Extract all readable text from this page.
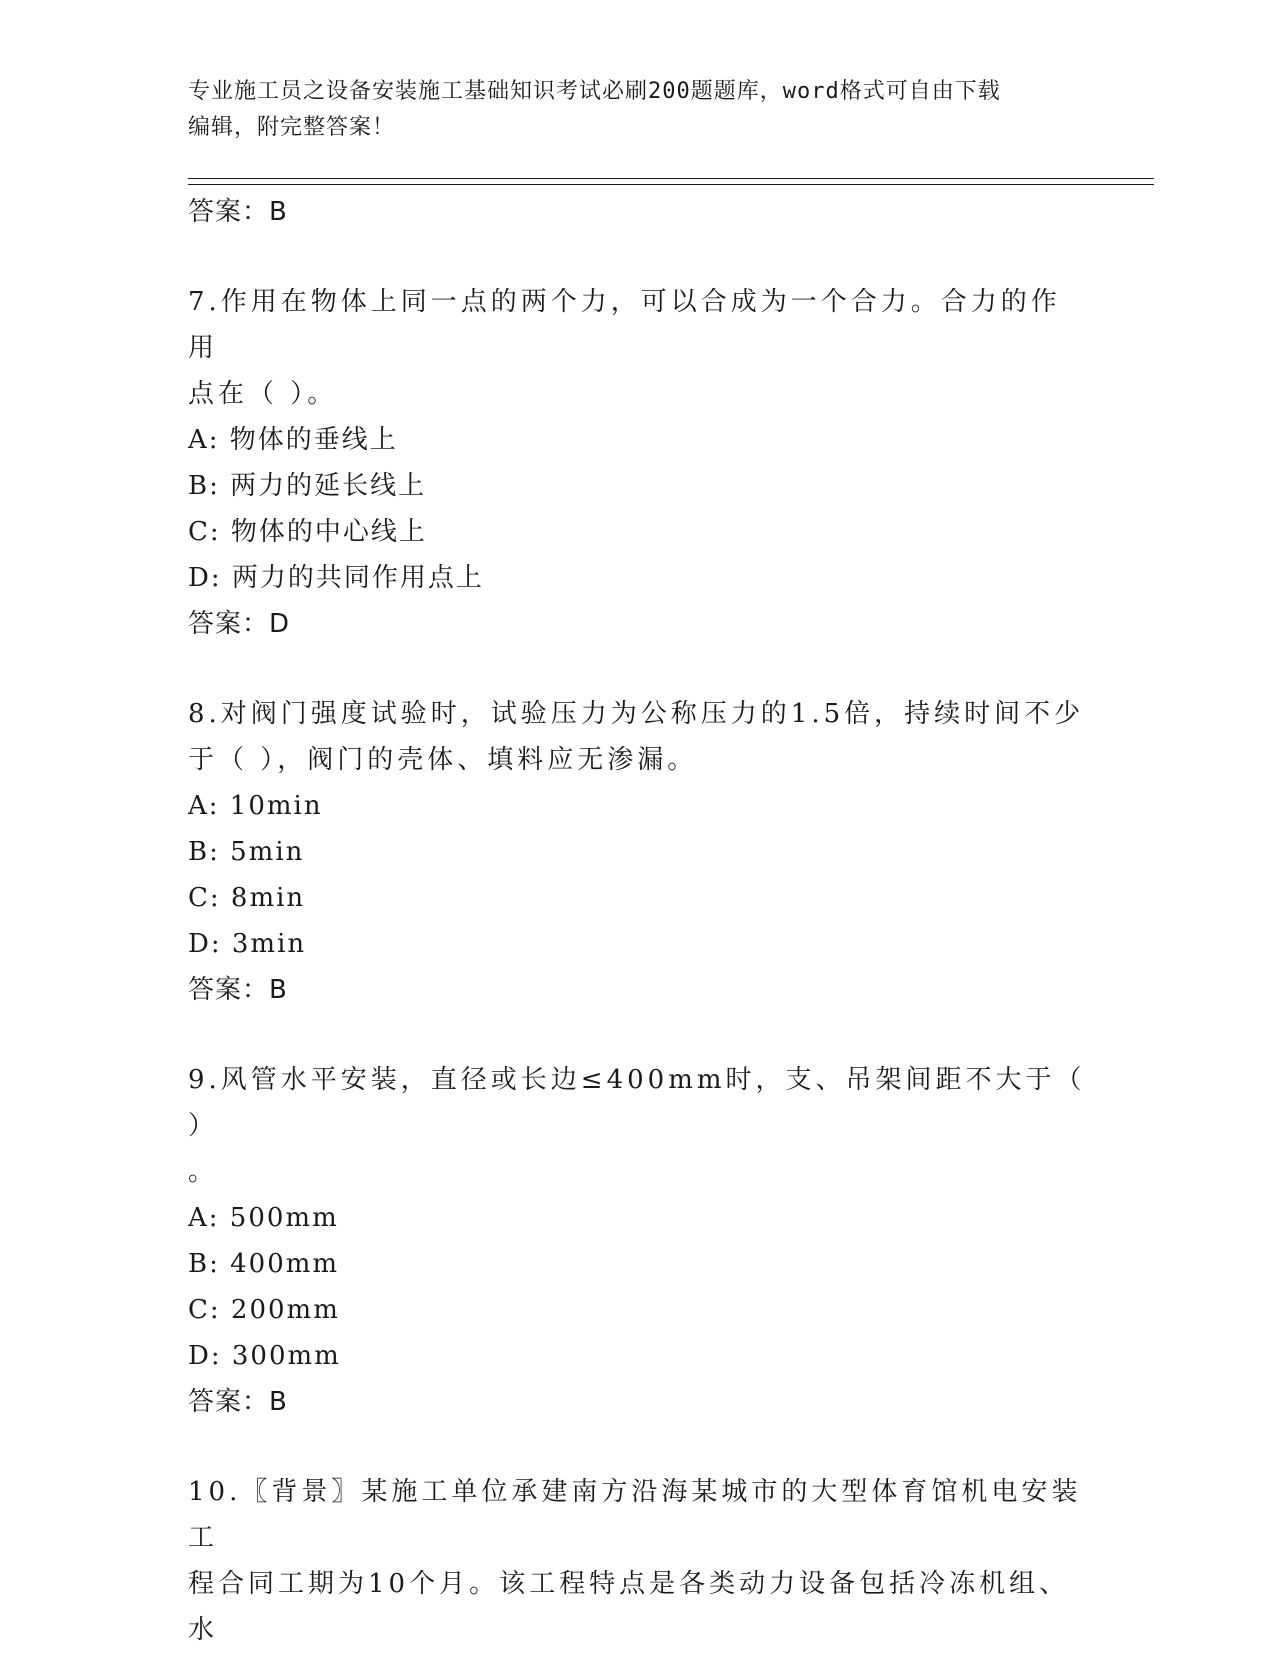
专业施工员之设备安装施工基础知识考试必刷200题题库，word格式可自由下载
编辑，附完整答案！

答案：B

7.作用在物体上同一点的两个力，可以合成为一个合力。合力的作用

点在（ ）。

A: 物体的垂线上

B: 两力的延长线上

C: 物体的中心线上

D: 两力的共同作用点上

答案：D

8.对阀门强度试验时，试验压力为公称压力的1.5倍，持续时间不少

于（ ），阀门的壳体、填料应无渗漏。

A: 10min

B: 5min

C: 8min

D: 3min

答案：B

9.风管水平安装，直径或长边≤400mm时，支、吊架间距不大于（ ）

。

A: 500mm

B: 400mm

C: 200mm

D: 300mm

答案：B

10.〖背景〗某施工单位承建南方沿海某城市的大型体育馆机电安装工

程合同工期为10个月。该工程特点是各类动力设备包括冷冻机组、水
